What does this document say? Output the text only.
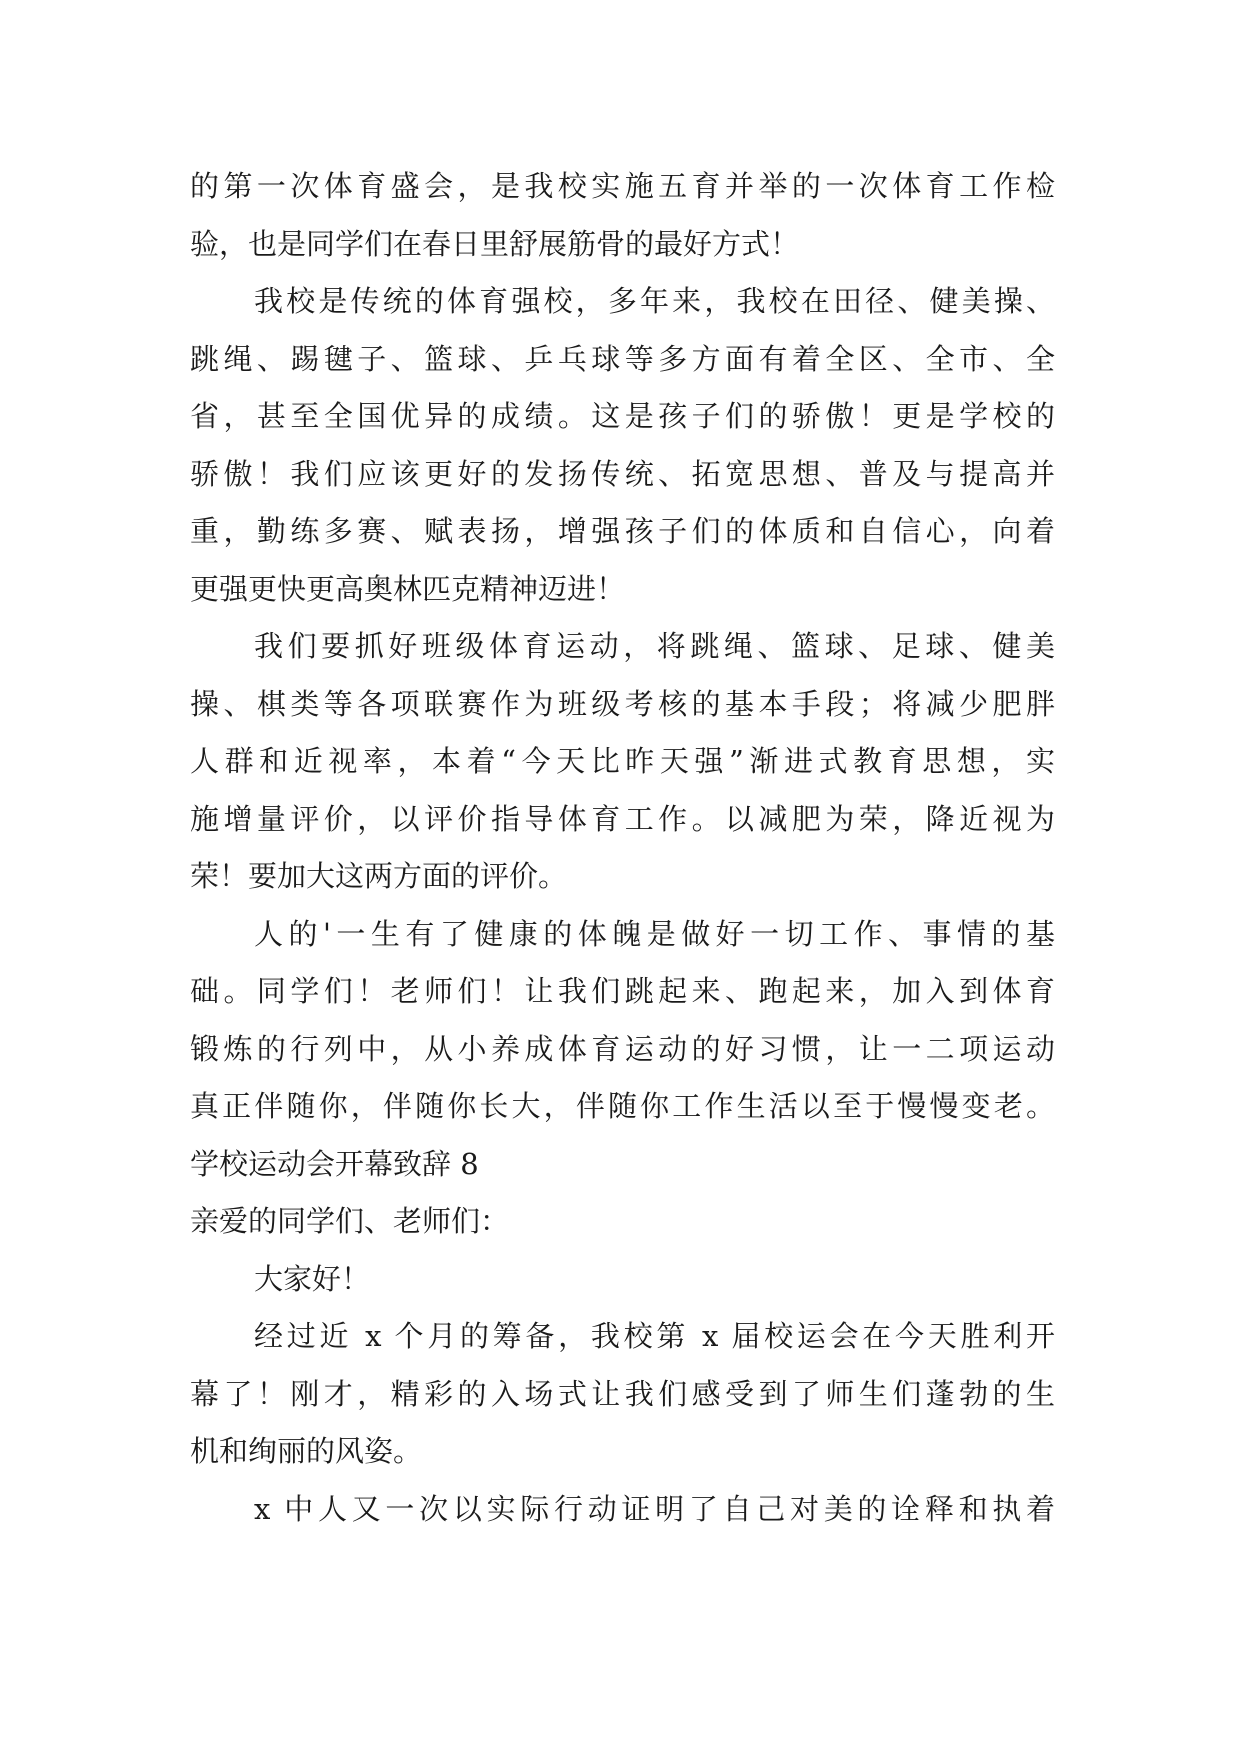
的第一次体育盛会，是我校实施五育并举的一次体育工作检
验，也是同学们在春日里舒展筋骨的最好方式！
我校是传统的体育强校，多年来，我校在田径、健美操、
跳绳、踢毽子、篮球、乒乓球等多方面有着全区、全市、全
省，甚至全国优异的成绩。这是孩子们的骄傲！更是学校的
骄傲！我们应该更好的发扬传统、拓宽思想、普及与提高并
重，勤练多赛、赋表扬，增强孩子们的体质和自信心，向着
更强更快更高奥林匹克精神迈进！
我们要抓好班级体育运动，将跳绳、篮球、足球、健美
操、棋类等各项联赛作为班级考核的基本手段；将减少肥胖
人群和近视率，本着“今天比昨天强”渐进式教育思想，实
施增量评价，以评价指导体育工作。以减肥为荣，降近视为
荣！要加大这两方面的评价。
人的'一生有了健康的体魄是做好一切工作、事情的基
础。同学们！老师们！让我们跳起来、跑起来，加入到体育
锻炼的行列中，从小养成体育运动的好习惯，让一二项运动
真正伴随你，伴随你长大，伴随你工作生活以至于慢慢变老。
学校运动会开幕致辞 8
亲爱的同学们、老师们：
大家好！
经过近 x 个月的筹备，我校第 x 届校运会在今天胜利开
幕了！刚才，精彩的入场式让我们感受到了师生们蓬勃的生
机和绚丽的风姿。
x 中人又一次以实际行动证明了自己对美的诠释和执着
